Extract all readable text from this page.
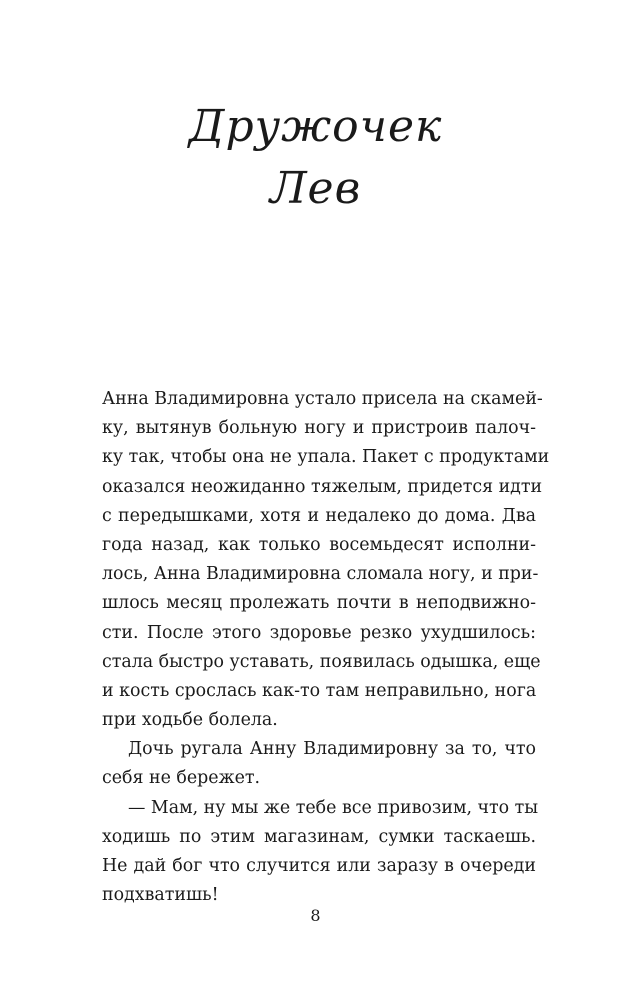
Дружочек
Лев
Анна Владимировна устало присела на скамей-
ку, вытянув больную ногу и пристроив палоч-
ку так, чтобы она не упала. Пакет с продуктами
оказался неожиданно тяжелым, придется идти
с передышками, хотя и недалеко до дома. Два
года назад, как только восемьдесят исполни-
лось, Анна Владимировна сломала ногу, и при-
шлось месяц пролежать почти в неподвижно-
сти. После этого здоровье резко ухудшилось:
стала быстро уставать, появилась одышка, еще
и кость срослась как-то там неправильно, нога
при ходьбе болела.
Дочь ругала Анну Владимировну за то, что
себя не бережет.
— Мам, ну мы же тебе все привозим, что ты
ходишь по этим магазинам, сумки таскаешь.
Не дай бог что случится или заразу в очереди
подхватишь!
8
